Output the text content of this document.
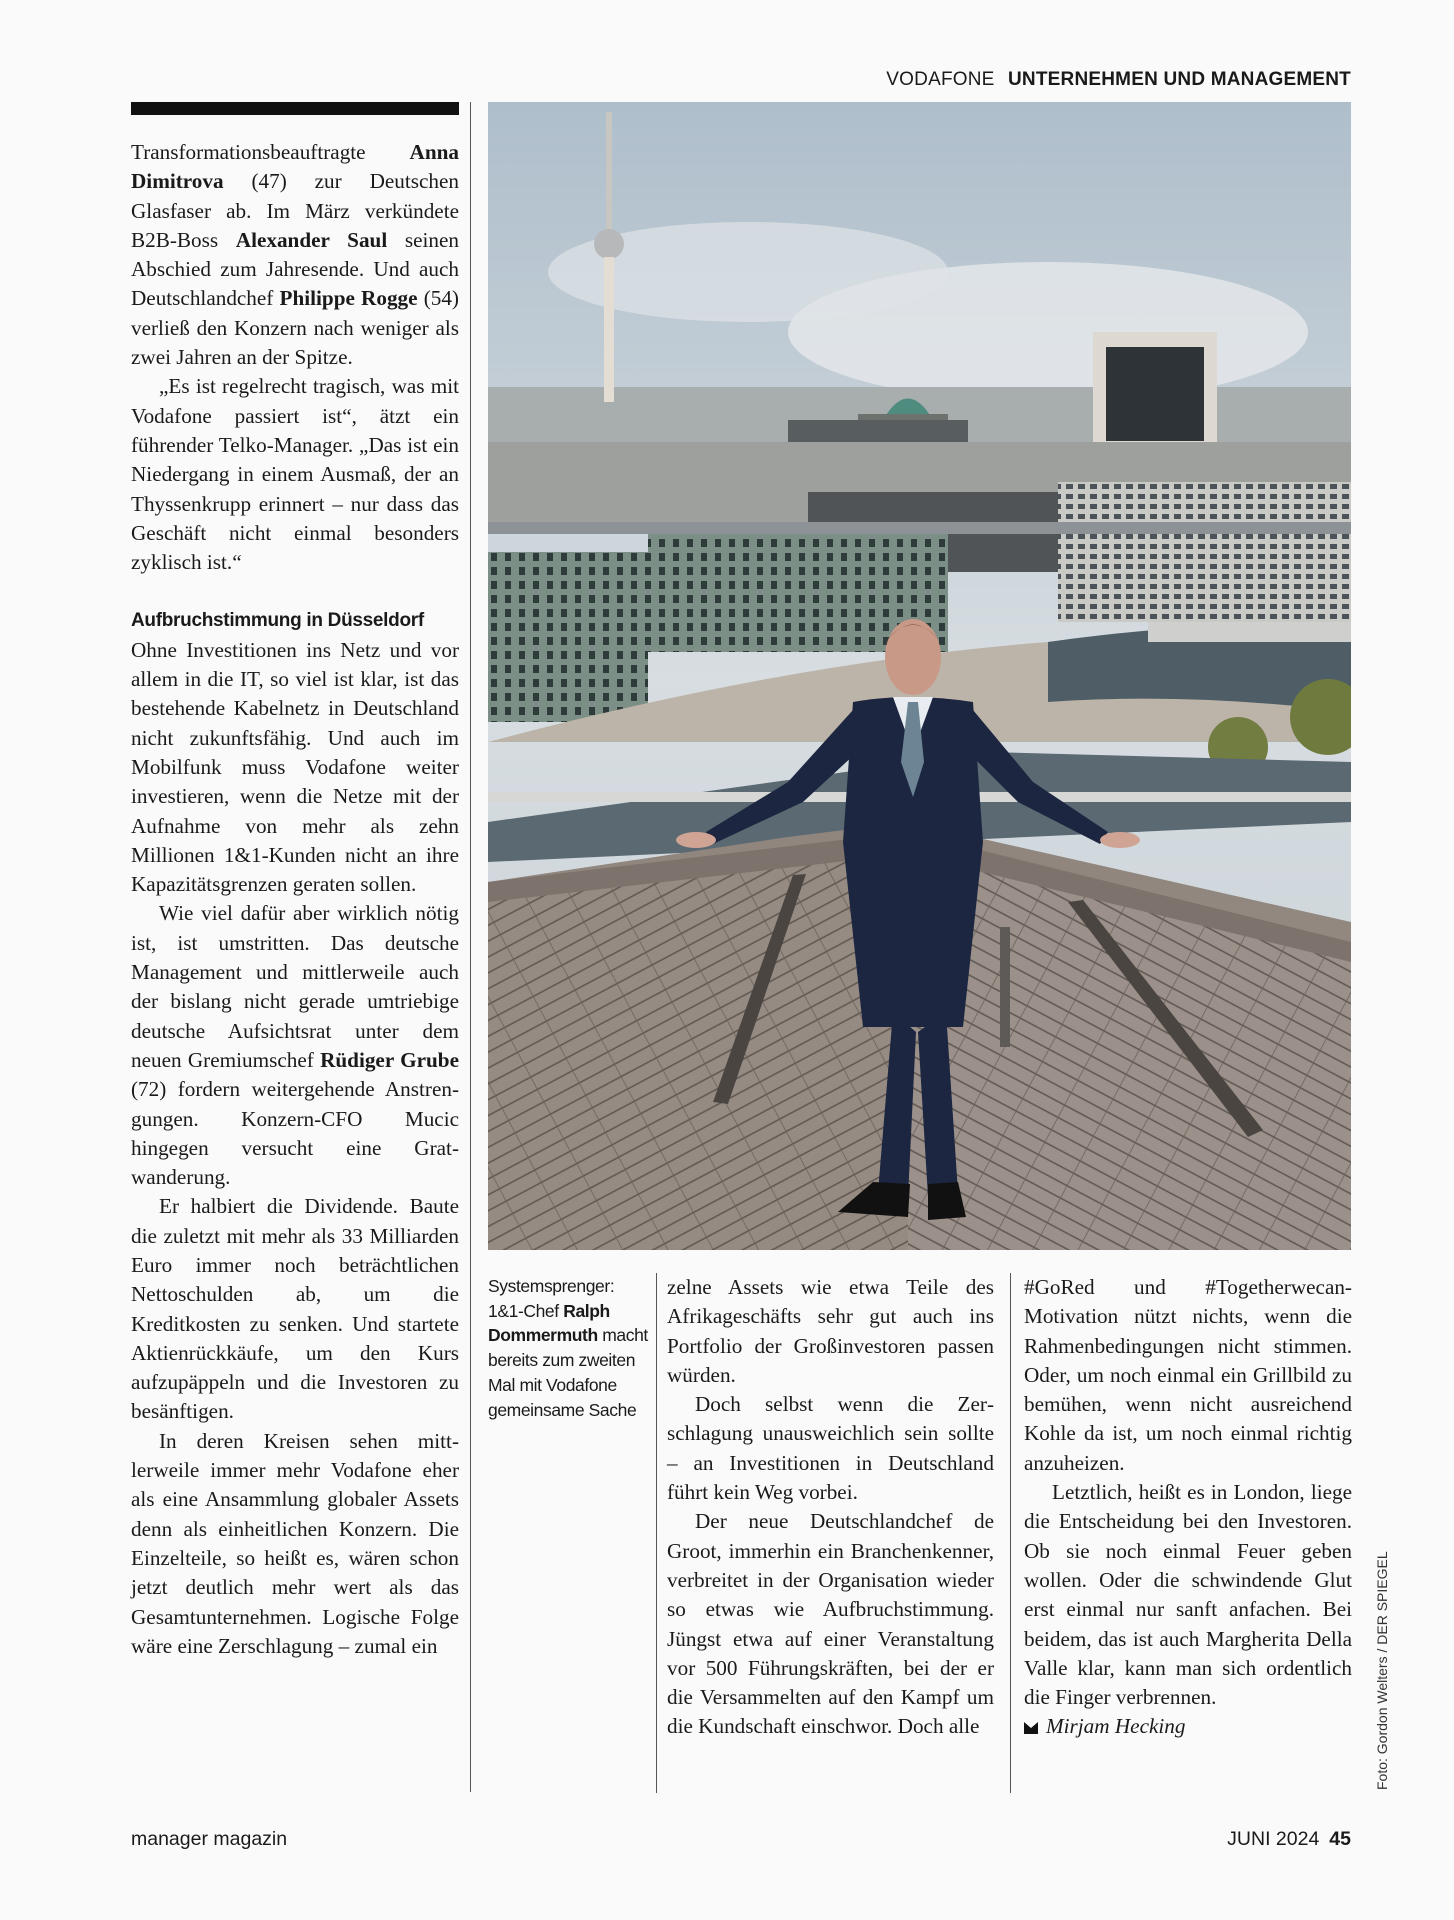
VODAFONE UNTERNEHMEN UND MANAGEMENT

Transformationsbeauftragte Anna Dimitrova (47) zur Deutschen Glasfaser ab. Im März verkündete B2B-Boss Alexander Saul seinen Abschied zum Jahresende. Und auch Deutschlandchef Philippe Rogge (54) verließ den Konzern nach weniger als zwei Jahren an der Spitze.

„Es ist regelrecht tragisch, was mit Vodafone passiert ist“, ätzt ein führender Telko-Manager. „Das ist ein Niedergang in einem Ausmaß, der an Thyssenkrupp erinnert – nur dass das Geschäft nicht einmal besonders zyklisch ist.“

Aufbruchstimmung in Düsseldorf

Ohne Investitionen ins Netz und vor allem in die IT, so viel ist klar, ist das bestehende Kabelnetz in Deutschland nicht zukunftsfähig. Und auch im Mobilfunk muss Vodafone weiter investieren, wenn die Netze mit der Aufnahme von mehr als zehn Millionen 1&1-Kunden nicht an ihre Kapazitätsgrenzen geraten sollen.

Wie viel dafür aber wirklich nötig ist, ist umstritten. Das deutsche Management und mittlerweile auch der bislang nicht gerade umtriebige deutsche Aufsichtsrat unter dem neuen Gremiumschef Rüdiger Grube (72) fordern weitergehende Anstrengungen. Konzern-CFO Mucic hingegen versucht eine Gratwanderung.

Er halbiert die Dividende. Baute die zuletzt mit mehr als 33 Milliarden Euro immer noch beträchtlichen Nettoschulden ab, um die Kreditkosten zu senken. Und startete Aktienrückkäufe, um den Kurs aufzupäppeln und die Investoren zu besänftigen.

In deren Kreisen sehen mittlerweile immer mehr Vodafone eher als eine Ansammlung globaler Assets denn als einheitlichen Konzern. Die Einzelteile, so heißt es, wären schon jetzt deutlich mehr wert als das Gesamtunternehmen. Logische Folge wäre eine Zerschlagung – zumal ein

Systemsprenger: 1&1-Chef Ralph Dommermuth macht bereits zum zweiten Mal mit Vodafone gemeinsame Sache

zelne Assets wie etwa Teile des Afrikageschäfts sehr gut auch ins Portfolio der Großinvestoren passen würden.

Doch selbst wenn die Zerschlagung unausweichlich sein sollte – an Investitionen in Deutschland führt kein Weg vorbei.

Der neue Deutschlandchef de Groot, immerhin ein Branchenkenner, verbreitet in der Organisation wieder so etwas wie Aufbruchstimmung. Jüngst etwa auf einer Veranstaltung vor 500 Führungskräften, bei der er die Versammelten auf den Kampf um die Kundschaft einschwor. Doch alle

#GoRed und #Togetherwecan-Motivation nützt nichts, wenn die Rahmenbedingungen nicht stimmen. Oder, um noch einmal ein Grillbild zu bemühen, wenn nicht ausreichend Kohle da ist, um noch einmal richtig anzuheizen.

Letztlich, heißt es in London, liege die Entscheidung bei den Investoren. Ob sie noch einmal Feuer geben wollen. Oder die schwindende Glut erst einmal nur sanft anfachen. Bei beidem, das ist auch Margherita Della Valle klar, kann man sich ordentlich die Finger verbrennen.

Mirjam Hecking	Foto: Gordon Welters / DER SPIEGEL
manager magazin	JUNI 2024 45
